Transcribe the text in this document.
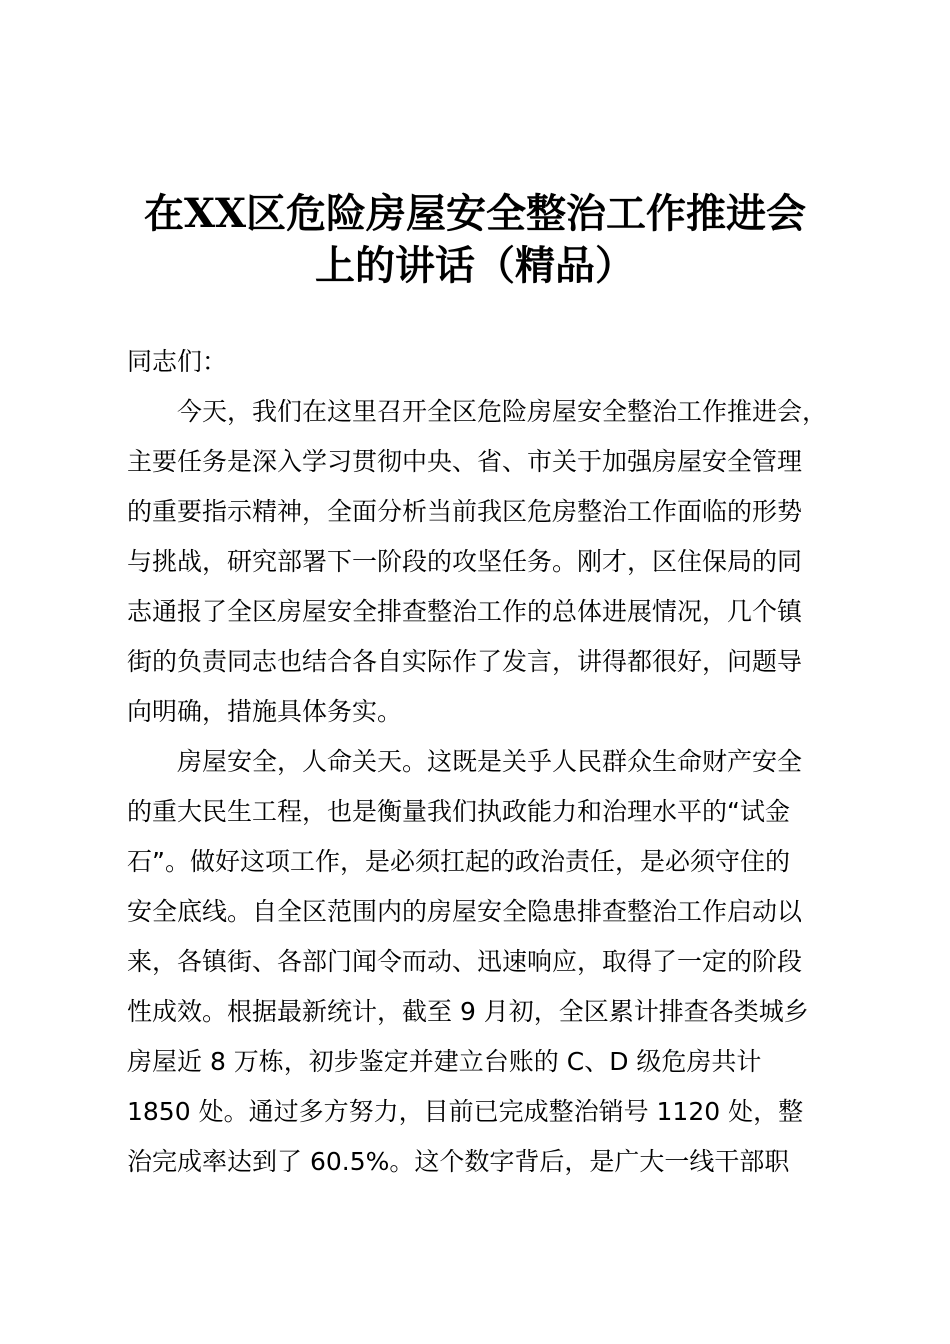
在XX区危险房屋安全整治工作推进会
上的讲话（精品）

同志们：

今天，我们在这里召开全区危险房屋安全整治工作推进会，
主要任务是深入学习贯彻中央、省、市关于加强房屋安全管理
的重要指示精神，全面分析当前我区危房整治工作面临的形势
与挑战，研究部署下一阶段的攻坚任务。刚才，区住保局的同
志通报了全区房屋安全排查整治工作的总体进展情况，几个镇
街的负责同志也结合各自实际作了发言，讲得都很好，问题导
向明确，措施具体务实。

房屋安全，人命关天。这既是关乎人民群众生命财产安全
的重大民生工程，也是衡量我们执政能力和治理水平的“试金
石”。做好这项工作，是必须扛起的政治责任，是必须守住的
安全底线。自全区范围内的房屋安全隐患排查整治工作启动以
来，各镇街、各部门闻令而动、迅速响应，取得了一定的阶段
性成效。根据最新统计，截至 9 月初，全区累计排查各类城乡
房屋近 8 万栋，初步鉴定并建立台账的 C、D 级危房共计
1850 处。通过多方努力，目前已完成整治销号 1120 处，整
治完成率达到了 60.5%。这个数字背后，是广大一线干部职
